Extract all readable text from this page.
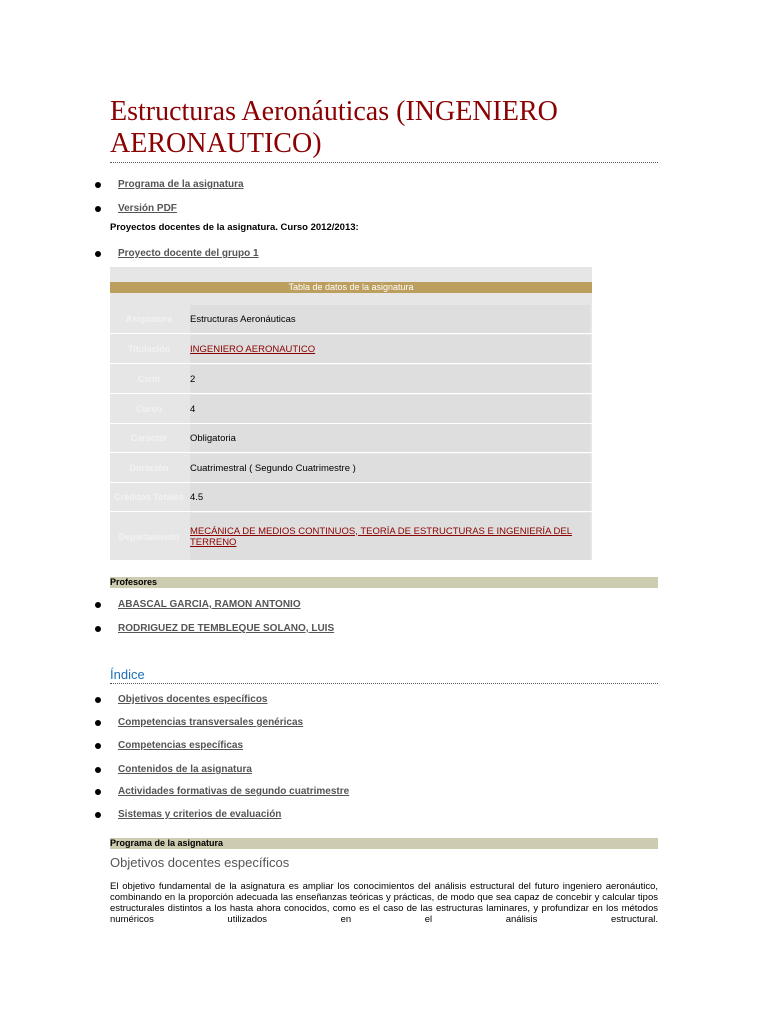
Estructuras Aeronáuticas (INGENIERO
AERONAUTICO)
Programa de la asignatura
Versión PDF
Proyectos docentes de la asignatura. Curso 2012/2013:
Proyecto docente del grupo 1
Tabla de datos de la asignatura
Asignatura	Estructuras Aeronáuticas
Titulación	INGENIERO AERONAUTICO
Ciclo	2
Curso	4
Carácter	Obligatoria
Duración	Cuatrimestral ( Segundo Cuatrimestre )
Créditos Totales 4.5
Departamento	MECÁNICA DE MEDIOS CONTINUOS, TEORÍA DE ESTRUCTURAS E INGENIERÍA DEL TERRENO
Profesores
ABASCAL GARCIA, RAMON ANTONIO
RODRIGUEZ DE TEMBLEQUE SOLANO, LUIS
Índice
Objetivos docentes específicos
Competencias transversales genéricas
Competencias específicas
Contenidos de la asignatura
Actividades formativas de segundo cuatrimestre
Sistemas y criterios de evaluación
Programa de la asignatura
Objetivos docentes específicos

El objetivo fundamental de la asignatura es ampliar los conocimientos del análisis estructural del futuro ingeniero aeronáutico, combinando en la proporción adecuada las enseñanzas teóricas y prácticas, de modo que sea capaz de concebir y calcular tipos estructurales distintos a los hasta ahora conocidos, como es el caso de las estructuras laminares, y profundizar en los métodos numéricos utilizados en el análisis estructural.
